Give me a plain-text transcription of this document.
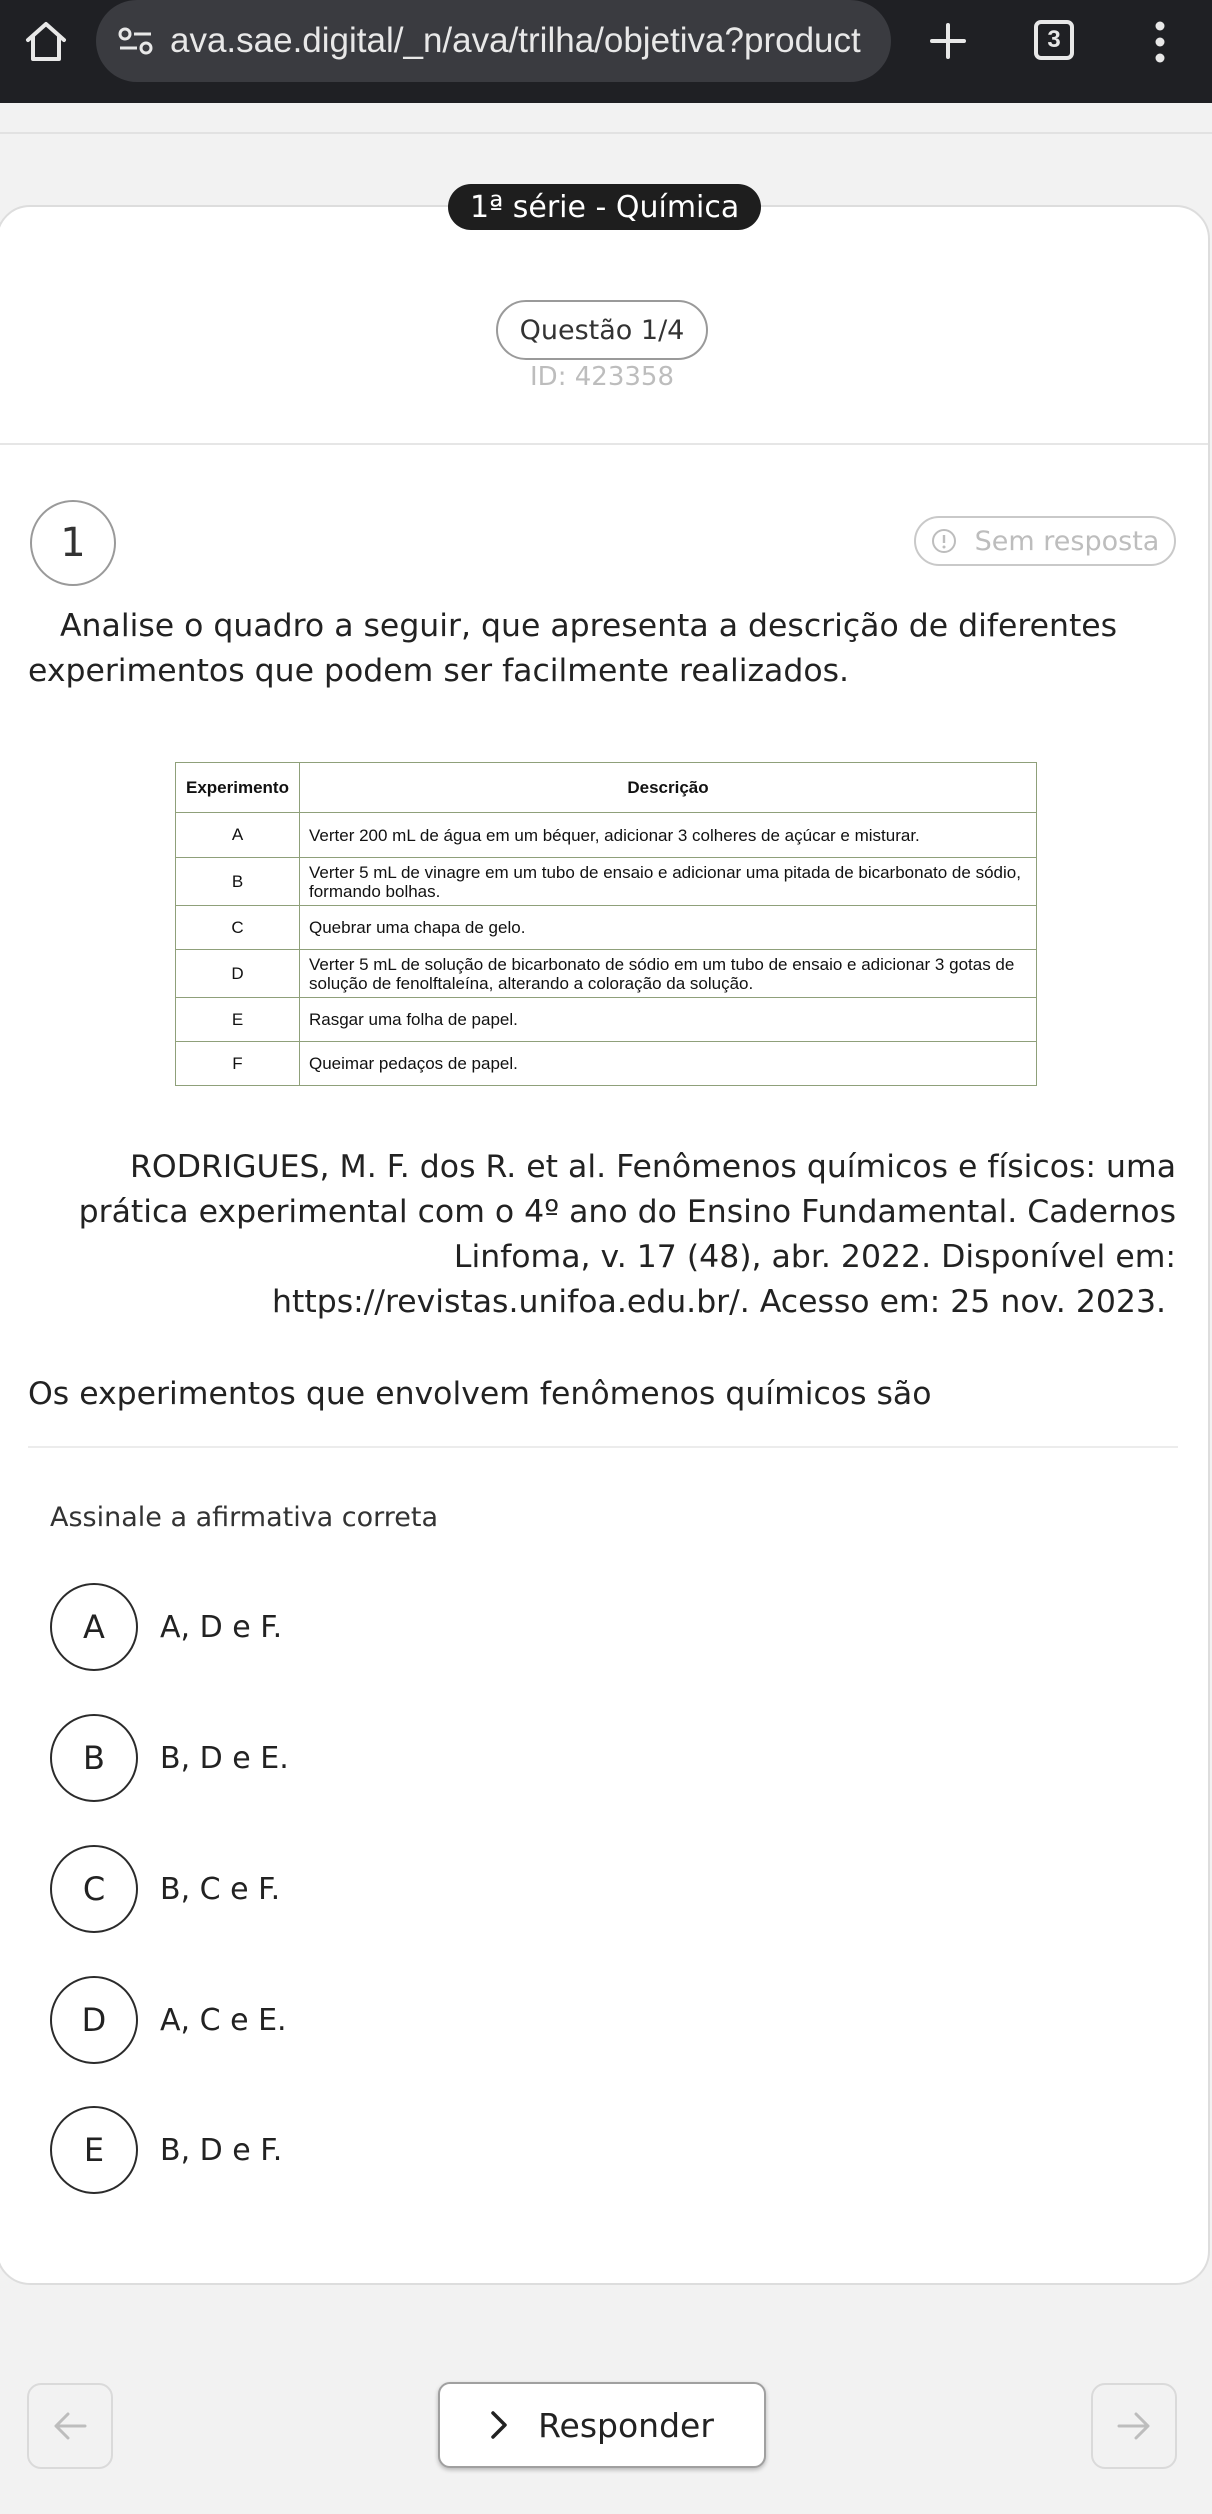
ava.sae.digital/_n/ava/trilha/objetiva?product	3
1ª série - Química
Questão 1/4
ID: 423358
1	Sem resposta
Analise o quadro a seguir, que apresenta a descrição de diferentes experimentos que podem ser facilmente realizados.
Experimento	Descrição
A	Verter 200 mL de água em um béquer, adicionar 3 colheres de açúcar e misturar.
B	Verter 5 mL de vinagre em um tubo de ensaio e adicionar uma pitada de bicarbonato de sódio, formando bolhas.
C	Quebrar uma chapa de gelo.
D	Verter 5 mL de solução de bicarbonato de sódio em um tubo de ensaio e adicionar 3 gotas de solução de fenolftaleína, alterando a coloração da solução.
E	Rasgar uma folha de papel.
F	Queimar pedaços de papel.
RODRIGUES, M. F. dos R. et al. Fenômenos químicos e físicos: uma prática experimental com o 4º ano do Ensino Fundamental. Cadernos Linfoma, v. 17 (48), abr. 2022. Disponível em:
https://revistas.unifoa.edu.br/. Acesso em: 25 nov. 2023.
Os experimentos que envolvem fenômenos químicos são
Assinale a afirmativa correta
A	A, D e F.
B	B, D e E.
C	B, C e F.
D	A, C e E.
E	B, D e F.
Responder
